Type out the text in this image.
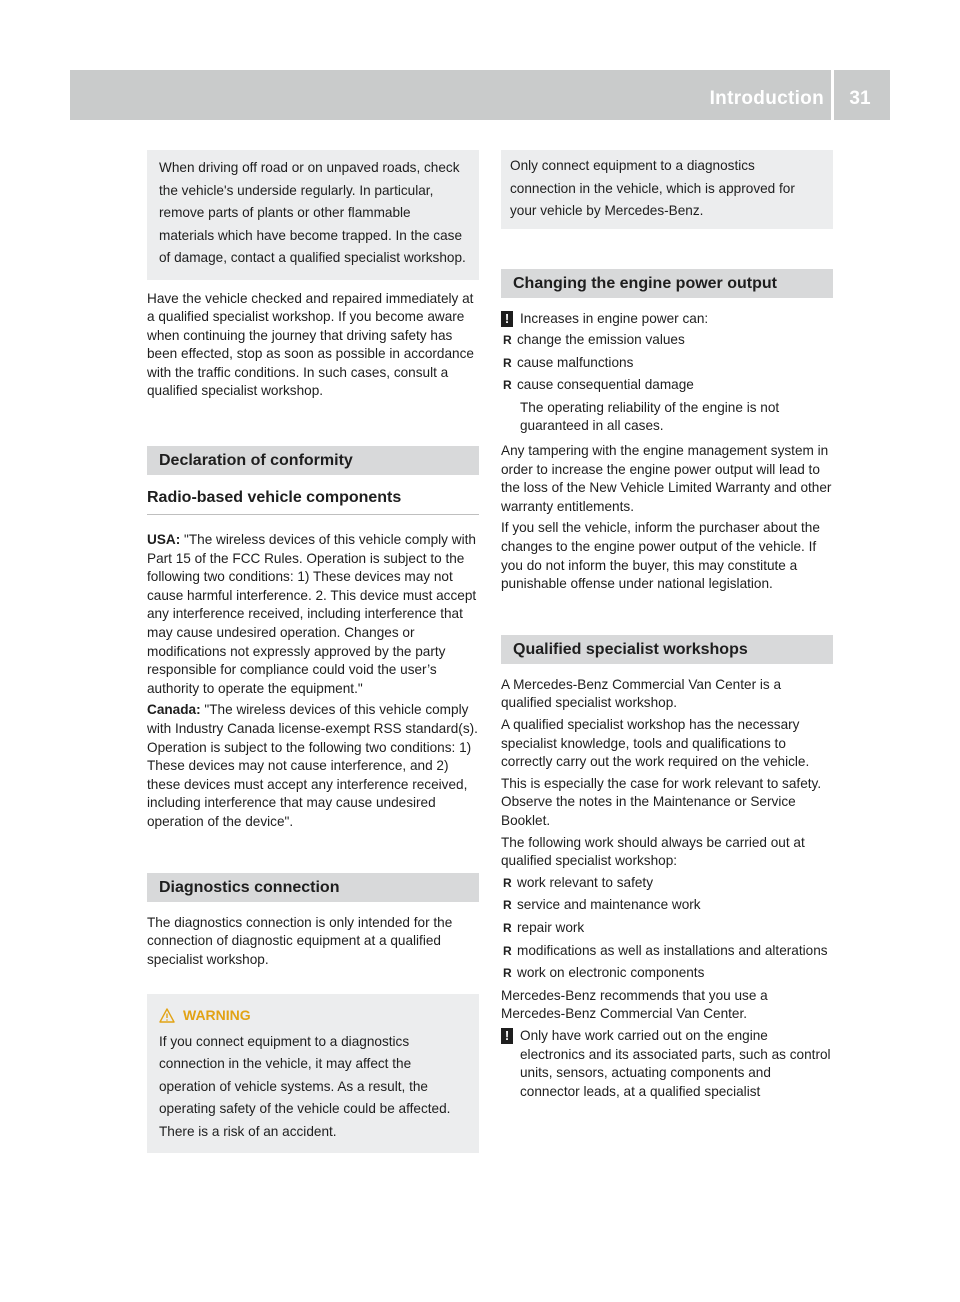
Introduction	31
When driving off road or on unpaved roads, check the vehicle's underside regularly. In particular, remove parts of plants or other flammable materials which have become trapped. In the case of damage, contact a qualified specialist workshop.

Have the vehicle checked and repaired immediately at a qualified specialist workshop. If you become aware when continuing the journey that driving safety has been effected, stop as soon as possible in accordance with the traffic conditions. In such cases, consult a qualified specialist workshop.

Declaration of conformity
Radio-based vehicle components

USA: "The wireless devices of this vehicle comply with Part 15 of the FCC Rules. Operation is subject to the following two conditions: 1) These devices may not cause harmful interference. 2. This device must accept any interference received, including interference that may cause undesired operation. Changes or modifications not expressly approved by the party responsible for compliance could void the user’s authority to operate the equipment."

Canada: "The wireless devices of this vehicle comply with Industry Canada license-exempt RSS standard(s). Operation is subject to the following two conditions: 1) These devices may not cause interference, and 2) these devices must accept any interference received, including interference that may cause undesired operation of the device".

Diagnostics connection

The diagnostics connection is only intended for the connection of diagnostic equipment at a qualified specialist workshop.

WARNING
If you connect equipment to a diagnostics connection in the vehicle, it may affect the operation of vehicle systems. As a result, the operating safety of the vehicle could be affected. There is a risk of an accident.
Only connect equipment to a diagnostics connection in the vehicle, which is approved for your vehicle by Mercedes-Benz.
Changing the engine power output
! Increases in engine power can:
R change the emission values
R cause malfunctions
R cause consequential damage
The operating reliability of the engine is not guaranteed in all cases.

Any tampering with the engine management system in order to increase the engine power output will lead to the loss of the New Vehicle Limited Warranty and other warranty entitlements.

If you sell the vehicle, inform the purchaser about the changes to the engine power output of the vehicle. If you do not inform the buyer, this may constitute a punishable offense under national legislation.

Qualified specialist workshops

A Mercedes-Benz Commercial Van Center is a qualified specialist workshop.

A qualified specialist workshop has the necessary specialist knowledge, tools and qualifications to correctly carry out the work required on the vehicle.

This is especially the case for work relevant to safety. Observe the notes in the Maintenance or Service Booklet.

The following work should always be carried out at qualified specialist workshop:

R work relevant to safety
R service and maintenance work
R repair work
R modifications as well as installations and alterations
R work on electronic components

Mercedes-Benz recommends that you use a Mercedes-Benz Commercial Van Center.

! Only have work carried out on the engine electronics and its associated parts, such as control units, sensors, actuating components and connector leads, at a qualified specialist
